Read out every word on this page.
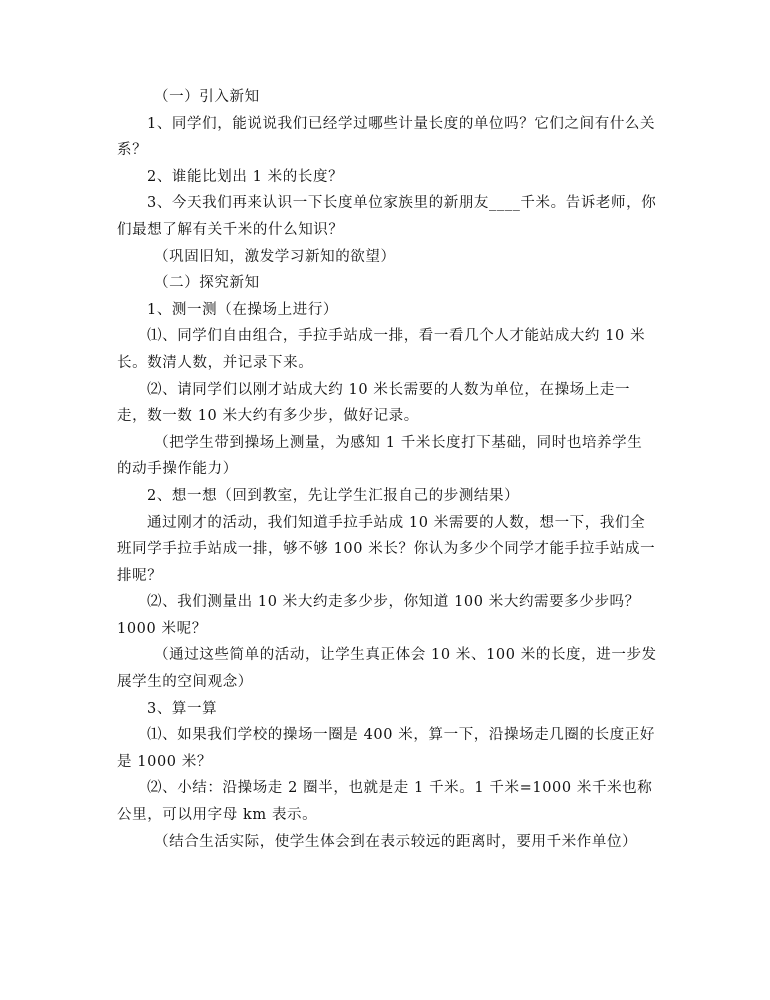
（一）引入新知

1、同学们，能说说我们已经学过哪些计量长度的单位吗？它们之间有什么关系？

2、谁能比划出 1 米的长度？

3、今天我们再来认识一下长度单位家族里的新朋友____千米。告诉老师，你们最想了解有关千米的什么知识？

（巩固旧知，激发学习新知的欲望）

（二）探究新知

1、测一测（在操场上进行）

⑴、同学们自由组合，手拉手站成一排，看一看几个人才能站成大约 10 米长。数清人数，并记录下来。

⑵、请同学们以刚才站成大约 10 米长需要的人数为单位，在操场上走一走，数一数 10 米大约有多少步，做好记录。

（把学生带到操场上测量，为感知 1 千米长度打下基础，同时也培养学生的动手操作能力）

2、想一想（回到教室，先让学生汇报自己的步测结果）

通过刚才的活动，我们知道手拉手站成 10 米需要的人数，想一下，我们全班同学手拉手站成一排，够不够 100 米长？你认为多少个同学才能手拉手站成一排呢？

⑵、我们测量出 10 米大约走多少步，你知道 100 米大约需要多少步吗？1000 米呢？

（通过这些简单的活动，让学生真正体会 10 米、100 米的长度，进一步发展学生的空间观念）

3、算一算

⑴、如果我们学校的操场一圈是 400 米，算一下，沿操场走几圈的长度正好是 1000 米？

⑵、小结：沿操场走 2 圈半，也就是走 1 千米。1 千米=1000 米千米也称公里，可以用字母 km 表示。

（结合生活实际，使学生体会到在表示较远的距离时，要用千米作单位）
